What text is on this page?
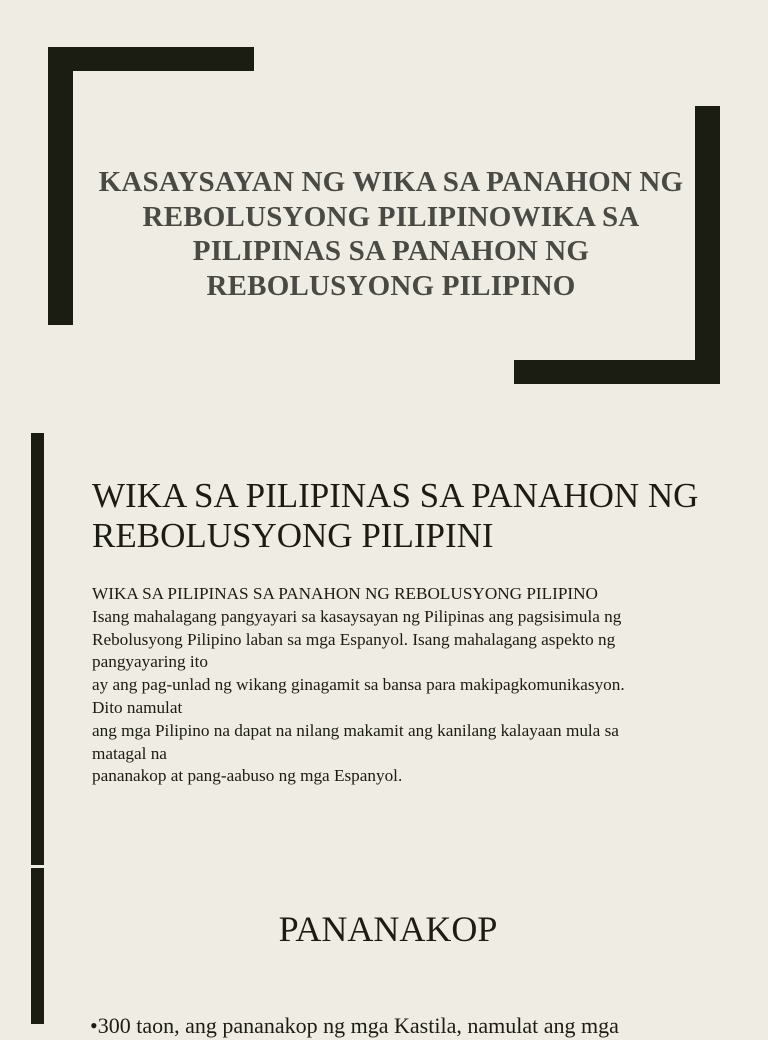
KASAYSAYAN NG WIKA SA PANAHON NG REBOLUSYONG PILIPINOWIKA SA PILIPINAS SA PANAHON NG REBOLUSYONG PILIPINO
WIKA SA PILIPINAS SA PANAHON NG REBOLUSYONG PILIPINI
WIKA SA PILIPINAS SA PANAHON NG REBOLUSYONG PILIPINO
Isang mahalagang pangyayari sa kasaysayan ng Pilipinas ang pagsisimula ng
Rebolusyong Pilipino laban sa mga Espanyol. Isang mahalagang aspekto ng
pangyayaring ito
ay ang pag-unlad ng wikang ginagamit sa bansa para makipagkomunikasyon.
Dito namulat
ang mga Pilipino na dapat na nilang makamit ang kanilang kalayaan mula sa
matagal na
pananakop at pang-aabuso ng mga Espanyol.
PANANAKOP
•300 taon, ang pananakop ng mga Kastila, namulat ang mga
